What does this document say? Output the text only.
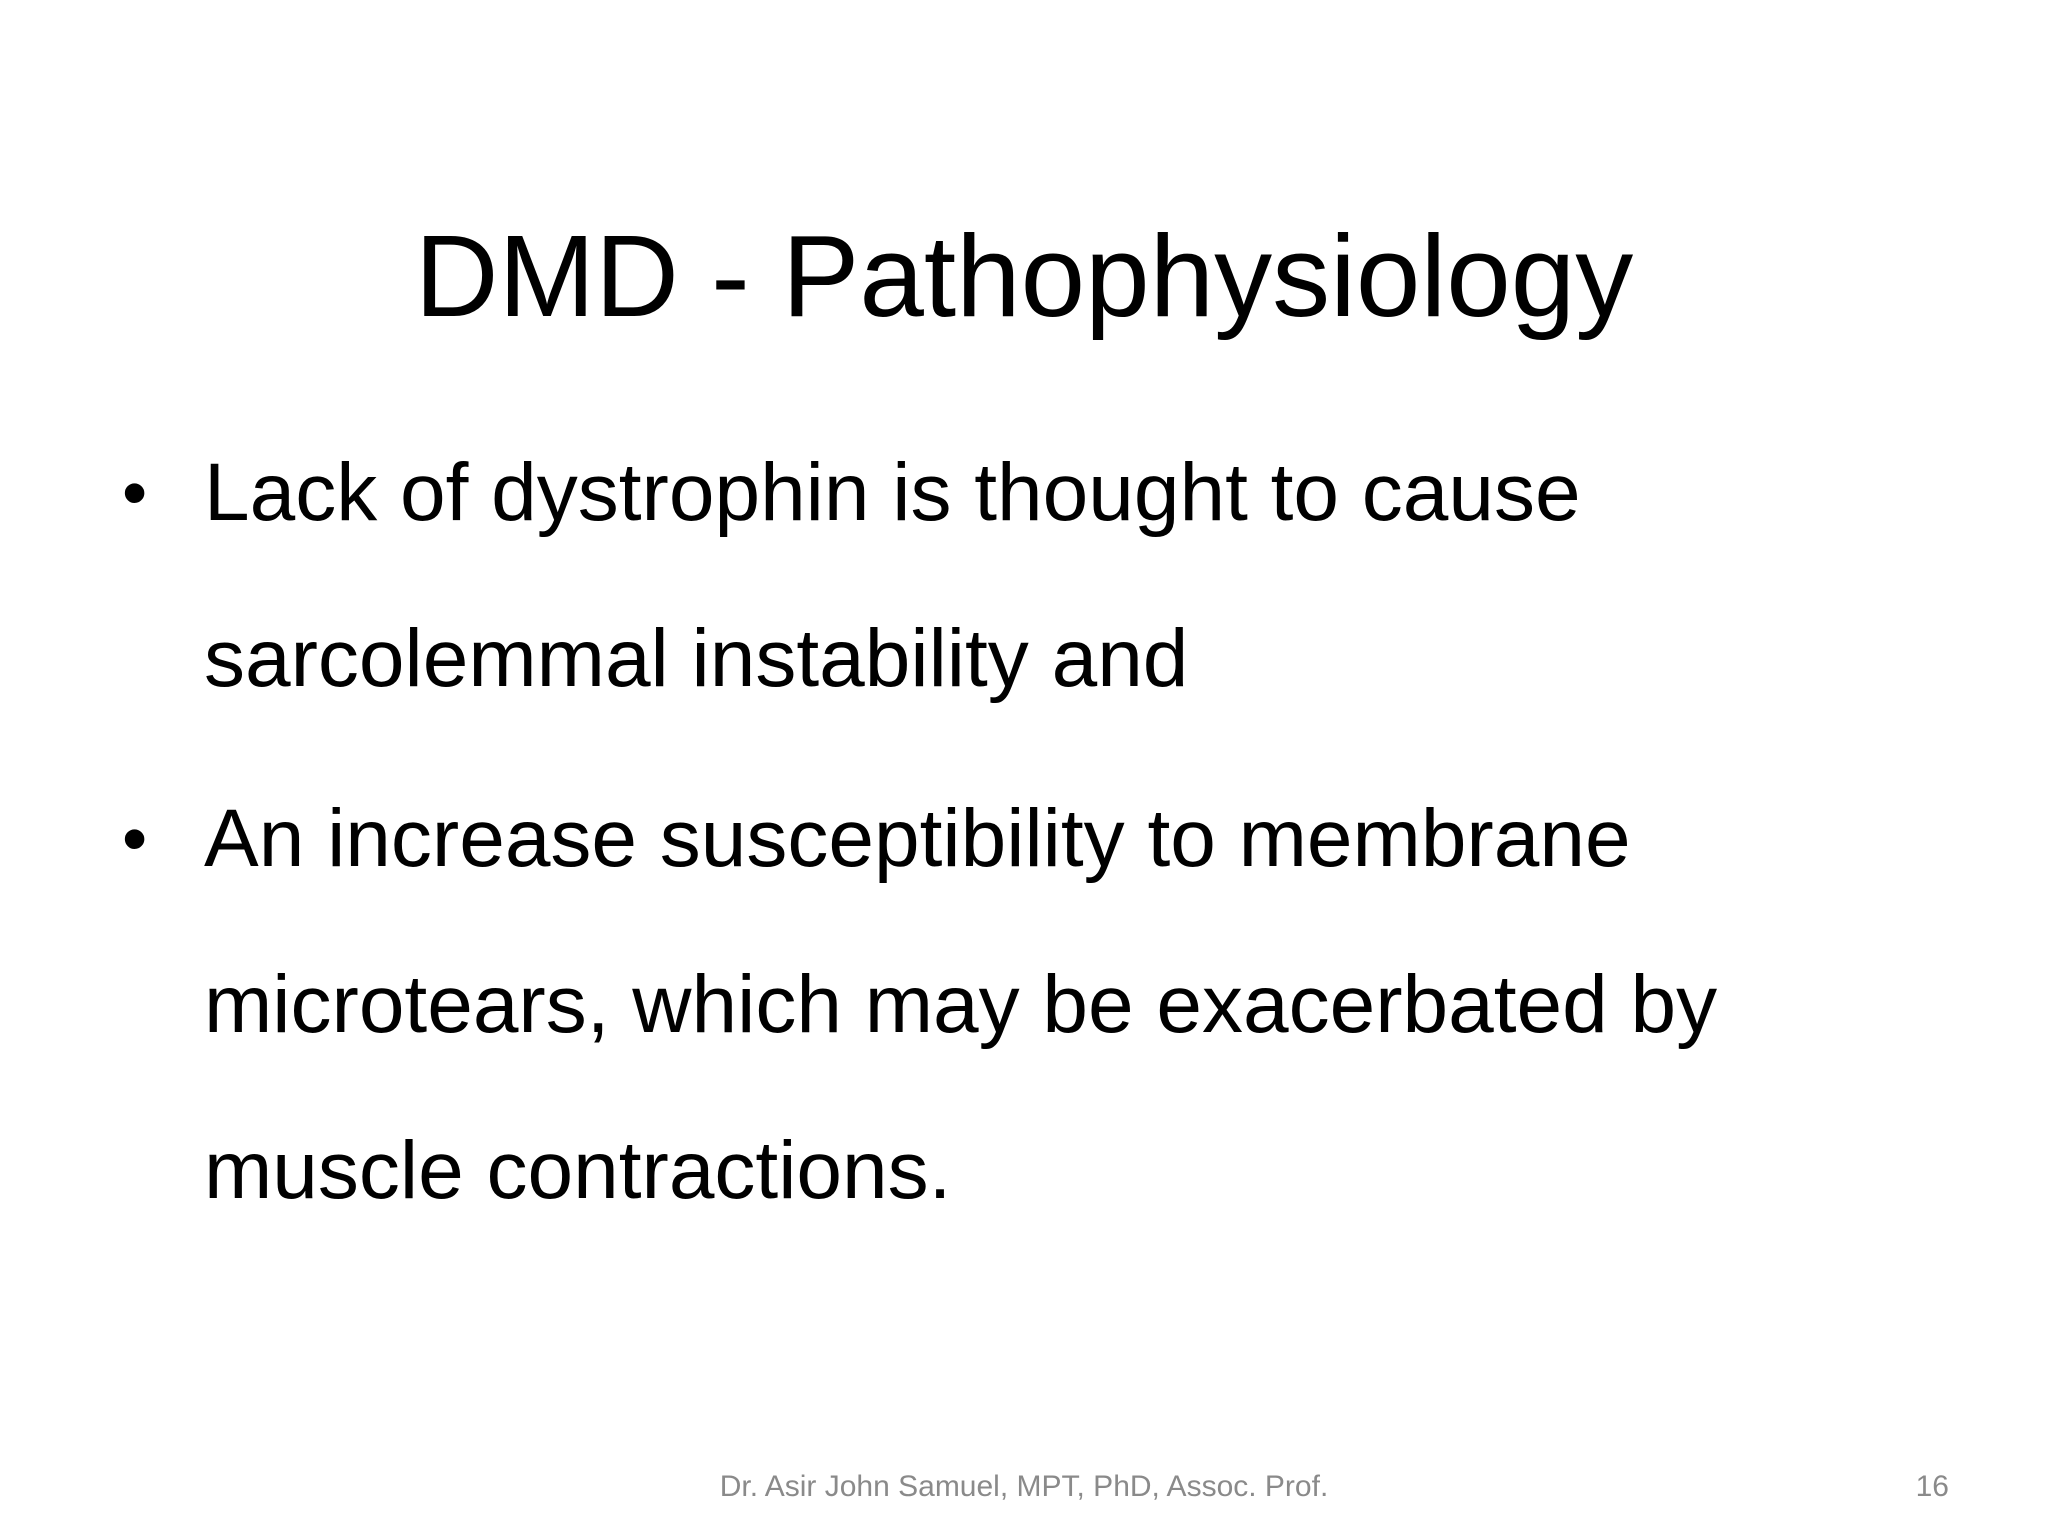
DMD - Pathophysiology

• Lack of dystrophin is thought to cause sarcolemmal instability and

• An increase susceptibility to membrane microtears, which may be exacerbated by muscle contractions.

Dr. Asir John Samuel, MPT, PhD, Assoc. Prof.	16
